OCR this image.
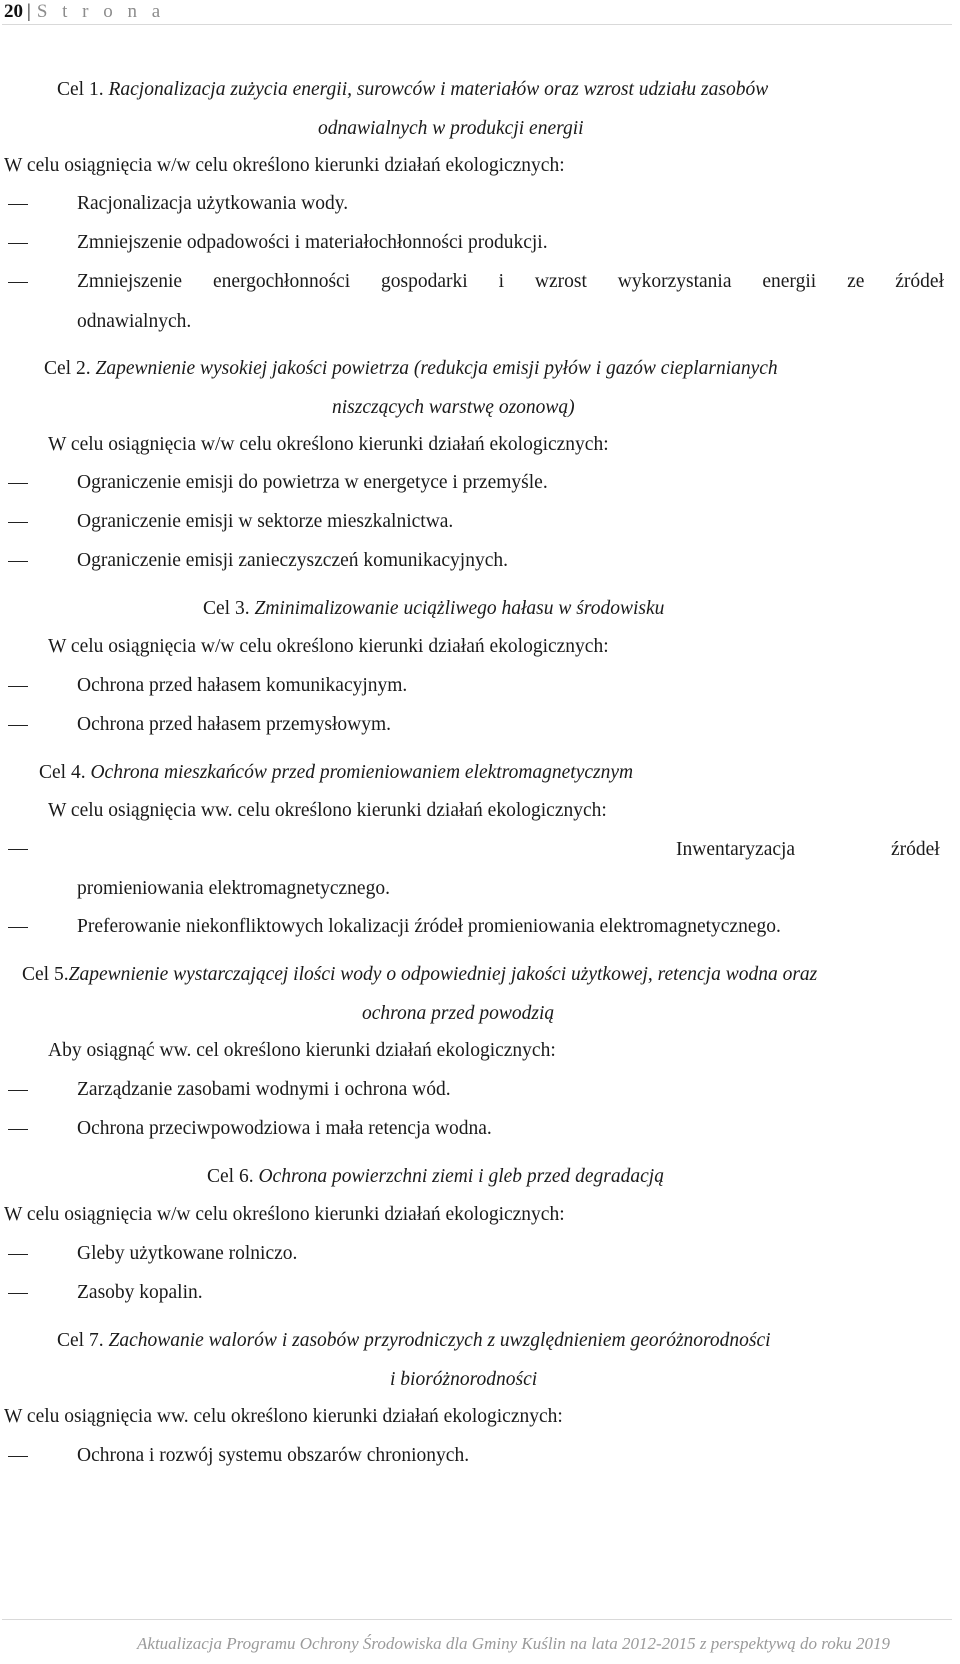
20 | S t r o n a
Cel 1. Racjonalizacja zużycia energii, surowców i materiałów oraz wzrost udziału zasobów
odnawialnych w produkcji energii
W celu osiągnięcia w/w celu określono kierunki działań ekologicznych:
Racjonalizacja użytkowania wody.
Zmniejszenie odpadowości i materiałochłonności produkcji.
Zmniejszenie energochłonności gospodarki i wzrost wykorzystania energii ze źródeł
odnawialnych.
Cel 2. Zapewnienie wysokiej jakości powietrza (redukcja emisji pyłów i gazów cieplarnianych
niszczących warstwę ozonową)
W celu osiągnięcia w/w celu określono kierunki działań ekologicznych:
Ograniczenie emisji do powietrza w energetyce i przemyśle.
Ograniczenie emisji w sektorze mieszkalnictwa.
Ograniczenie emisji zanieczyszczeń komunikacyjnych.
Cel 3. Zminimalizowanie uciążliwego hałasu w środowisku
W celu osiągnięcia w/w celu określono kierunki działań ekologicznych:
Ochrona przed hałasem komunikacyjnym.
Ochrona przed hałasem przemysłowym.
Cel 4. Ochrona mieszkańców przed promieniowaniem elektromagnetycznym
W celu osiągnięcia ww. celu określono kierunki działań ekologicznych:
Inwentaryzacja	źródeł
promieniowania elektromagnetycznego.
Preferowanie niekonfliktowych lokalizacji źródeł promieniowania elektromagnetycznego.
Cel 5.Zapewnienie wystarczającej ilości wody o odpowiedniej jakości użytkowej, retencja wodna oraz
ochrona przed powodzią
Aby osiągnąć ww. cel określono kierunki działań ekologicznych:
Zarządzanie zasobami wodnymi i ochrona wód.
Ochrona przeciwpowodziowa i mała retencja wodna.
Cel 6. Ochrona powierzchni ziemi i gleb przed degradacją
W celu osiągnięcia w/w celu określono kierunki działań ekologicznych:
Gleby użytkowane rolniczo.
Zasoby kopalin.
Cel 7. Zachowanie walorów i zasobów przyrodniczych z uwzględnieniem georóżnorodności
i bioróżnorodności
W celu osiągnięcia ww. celu określono kierunki działań ekologicznych:
Ochrona i rozwój systemu obszarów chronionych.
Aktualizacja Programu Ochrony Środowiska dla Gminy Kuślin na lata 2012-2015 z perspektywą do roku 2019
